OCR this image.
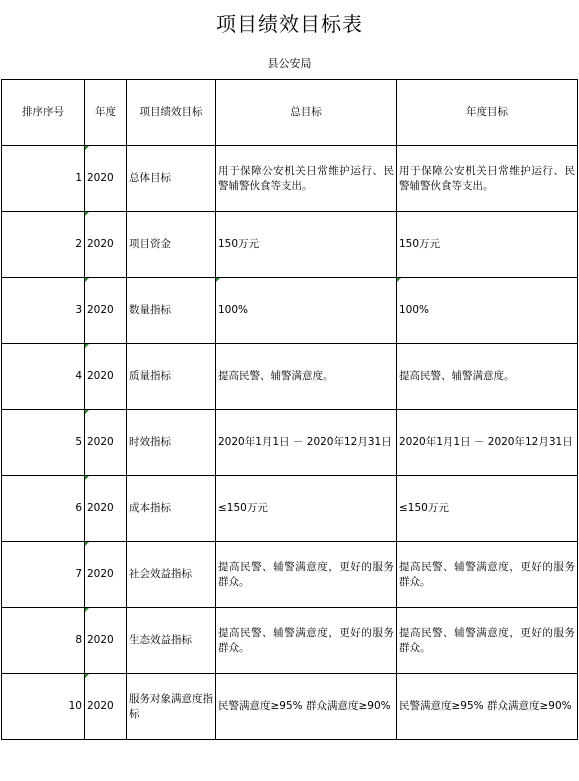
项目绩效目标表
县公安局
排序序号	年度	项目绩效目标	总目标	年度目标
1	2020	总体目标	用于保障公安机关日常维护运行、民警辅警伙食等支出。	用于保障公安机关日常维护运行、民警辅警伙食等支出。
2	2020	项目资金	150万元	150万元
3	2020	数量指标	100%	100%
4	2020	质量指标	提高民警、辅警满意度。	提高民警、辅警满意度。
5	2020	时效指标	2020年1月1日 － 2020年12月31日	2020年1月1日 － 2020年12月31日
6	2020	成本指标	≤150万元	≤150万元
7	2020	社会效益指标	提高民警、辅警满意度，更好的服务群众。	提高民警、辅警满意度，更好的服务群众。
8	2020	生态效益指标	提高民警、辅警满意度，更好的服务群众。	提高民警、辅警满意度，更好的服务群众。
10	2020	服务对象满意度指标	民警满意度≥95% 群众满意度≥90%	民警满意度≥95% 群众满意度≥90%
